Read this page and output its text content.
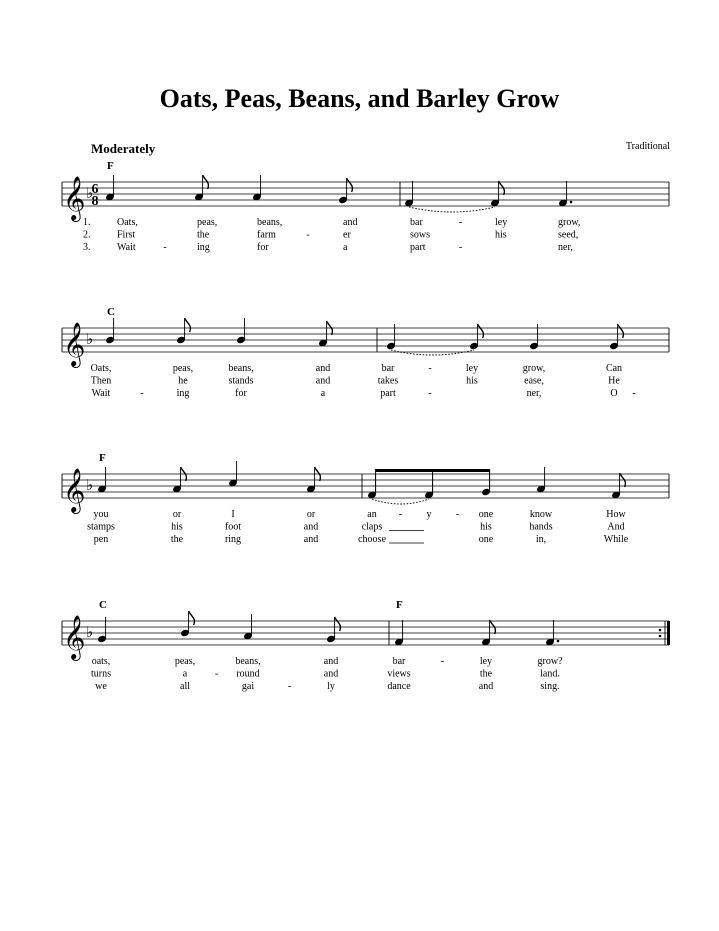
Oats, Peas, Beans, and Barley Grow
Moderately	Traditional
𝄞 ♭
6
8
F
1.	Oats,	peas,	beans,	and	bar	ley	grow,
-
2.	First	the	farm	er	sows	his	seed,
-
3.	Wait	ing	for	a	part	ner,
-	-
𝄞 ♭
C
Oats,	peas,	beans,	and	bar	ley	grow,	Can
-
Then	he	stands	and	takes	his	ease,	He
Wait	ing	for	a	part	ner,	O
-	-	-
𝄞 ♭
F
you	or	I	or	an	y	one	know	How
-	-
stamps	his	foot	and	claps	his	hands	And
pen	the	ring	and	choose	one	in,	While
𝄞 ♭
C	F
oats,	peas,	beans,	and	bar	ley	grow?
-
turns	a	round	and	views	the	land.
-
we	all	gai	ly	dance	and	sing.
-
